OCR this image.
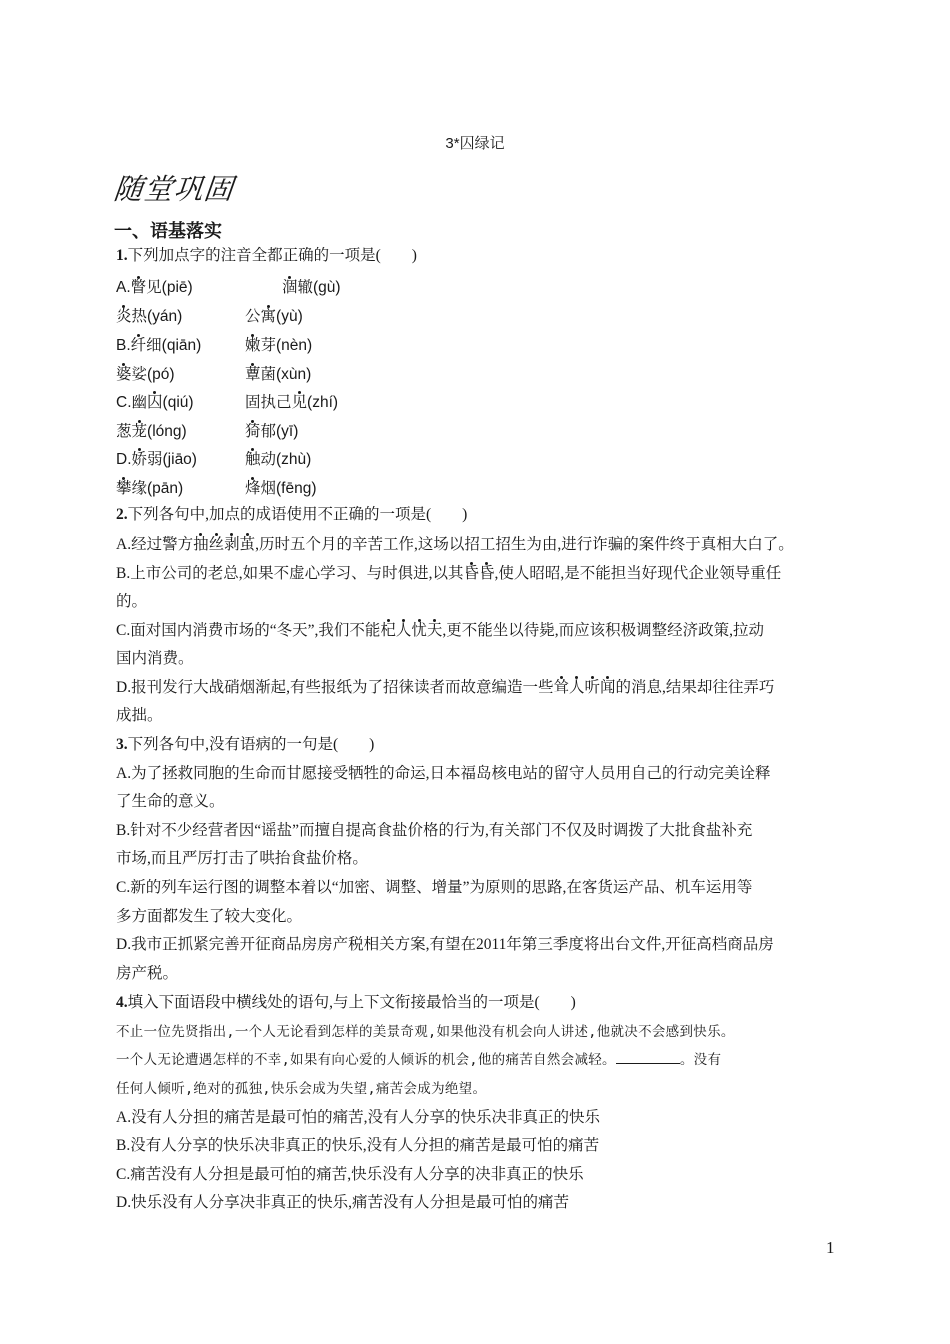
3*囚绿记
随堂巩固
一、语基落实
1.下列加点字的注音全都正确的一项是(　　)
A.瞥见(piē)	涸辙(gù)
炎热(yán)	公寓(yù)
B.纤细(qiān)	嫩芽(nèn)
婆娑(pó)	蕈菌(xùn)
C.幽囚(qiú)	固执己见(zhí)
葱茏(lóng)	猗郁(yī)
D.娇弱(jiāo)	触动(zhù)
攀缘(pān)	烽烟(fēng)
2.下列各句中,加点的成语使用不正确的一项是(　　)
A.经过警方抽丝剥茧,历时五个月的辛苦工作,这场以招工招生为由,进行诈骗的案件终于真相大白了。
B.上市公司的老总,如果不虚心学习、与时俱进,以其昏昏,使人昭昭,是不能担当好现代企业领导重任
的。
C.面对国内消费市场的“冬天”,我们不能杞人忧天,更不能坐以待毙,而应该积极调整经济政策,拉动
国内消费。
D.报刊发行大战硝烟渐起,有些报纸为了招徕读者而故意编造一些耸人听闻的消息,结果却往往弄巧
成拙。
3.下列各句中,没有语病的一句是(　　)
A.为了拯救同胞的生命而甘愿接受牺牲的命运,日本福岛核电站的留守人员用自己的行动完美诠释
了生命的意义。
B.针对不少经营者因“谣盐”而擅自提高食盐价格的行为,有关部门不仅及时调拨了大批食盐补充
市场,而且严厉打击了哄抬食盐价格。
C.新的列车运行图的调整本着以“加密、调整、增量”为原则的思路,在客货运产品、机车运用等
多方面都发生了较大变化。
D.我市正抓紧完善开征商品房房产税相关方案,有望在2011年第三季度将出台文件,开征高档商品房
房产税。
4.填入下面语段中横线处的语句,与上下文衔接最恰当的一项是(　　)
不止一位先贤指出,一个人无论看到怎样的美景奇观,如果他没有机会向人讲述,他就决不会感到快乐。
一个人无论遭遇怎样的不幸,如果有向心爱的人倾诉的机会,他的痛苦自然会减轻。	。没有
任何人倾听,绝对的孤独,快乐会成为失望,痛苦会成为绝望。
A.没有人分担的痛苦是最可怕的痛苦,没有人分享的快乐决非真正的快乐
B.没有人分享的快乐决非真正的快乐,没有人分担的痛苦是最可怕的痛苦
C.痛苦没有人分担是最可怕的痛苦,快乐没有人分享的决非真正的快乐
D.快乐没有人分享决非真正的快乐,痛苦没有人分担是最可怕的痛苦
1
